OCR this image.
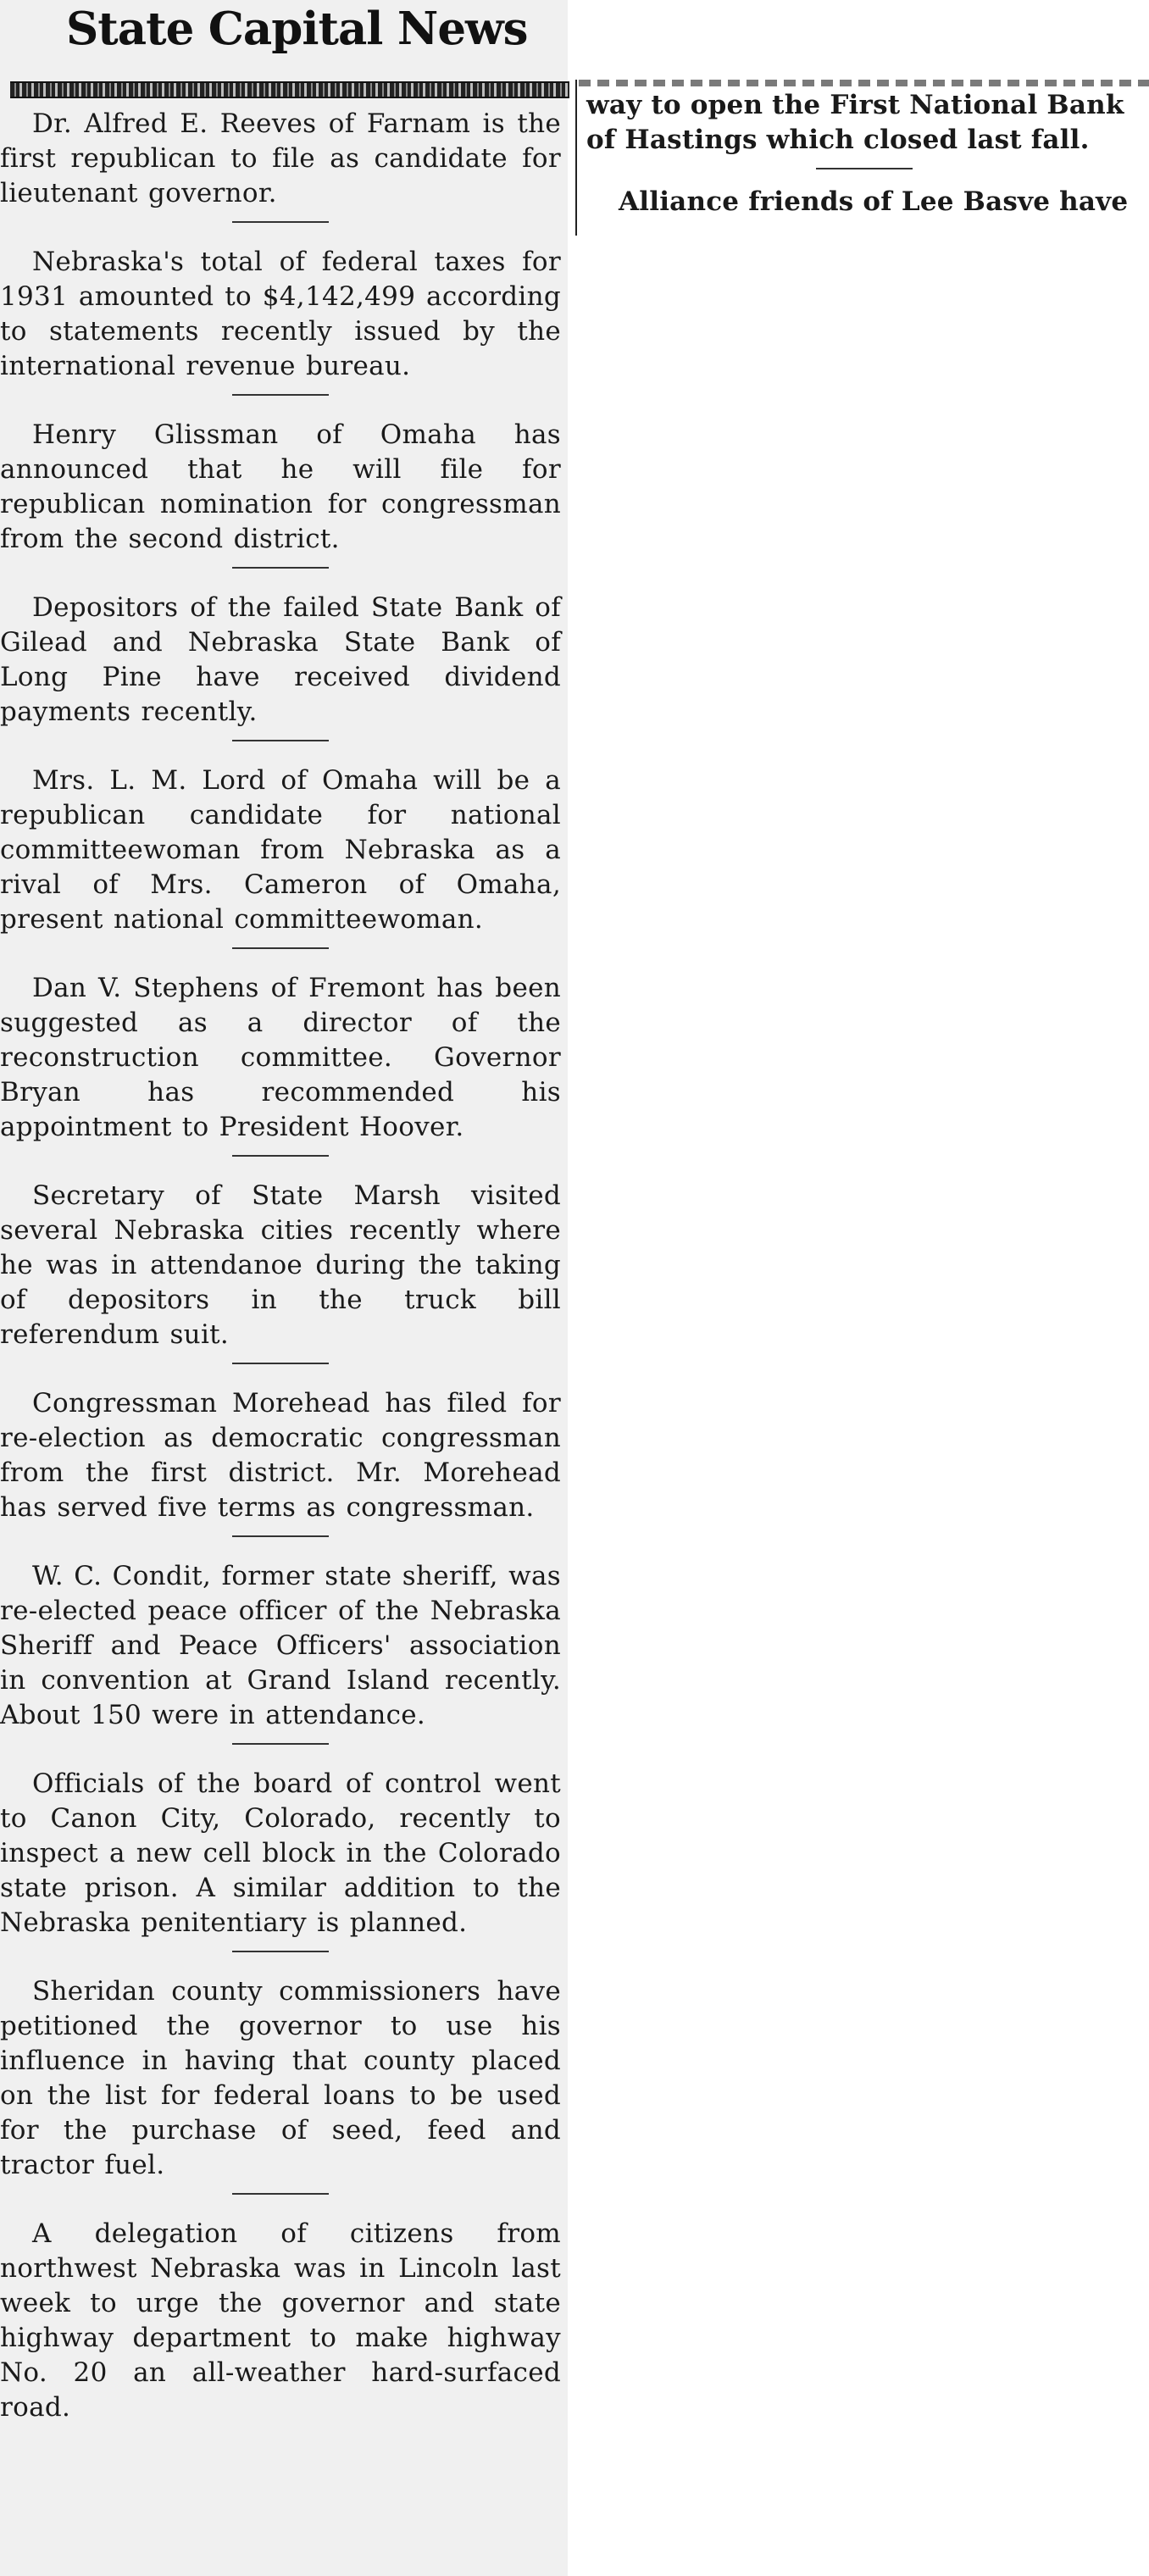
State Capital News

Dr. Alfred E. Reeves of Farnam is the first republican to file as candidate for lieutenant governor.

Nebraska's total of federal taxes for 1931 amounted to $4,142,499 according to statements recently issued by the international revenue bureau.

Henry Glissman of Omaha has announced that he will file for republican nomination for congressman from the second district.

Depositors of the failed State Bank of Gilead and Nebraska State Bank of Long Pine have received dividend payments recently.

Mrs. L. M. Lord of Omaha will be a republican candidate for national committeewoman from Nebraska as a rival of Mrs. Cameron of Omaha, present national committeewoman.

Dan V. Stephens of Fremont has been suggested as a director of the reconstruction committee. Governor Bryan has recommended his appointment to President Hoover.

Secretary of State Marsh visited several Nebraska cities recently where he was in attendanoe during the taking of depositors in the truck bill referendum suit.

Congressman Morehead has filed for re-election as democratic congressman from the first district. Mr. Morehead has served five terms as congressman.

W. C. Condit, former state sheriff, was re-elected peace officer of the Nebraska Sheriff and Peace Officers' association in convention at Grand Island recently. About 150 were in attendance.

Officials of the board of control went to Canon City, Colorado, recently to inspect a new cell block in the Colorado state prison. A similar addition to the Nebraska penitentiary is planned.

Sheridan county commissioners have petitioned the governor to use his influence in having that county placed on the list for federal loans to be used for the purchase of seed, feed and tractor fuel.

A delegation of citizens from northwest Nebraska was in Lincoln last week to urge the governor and state highway department to make highway No. 20 an all-weather hard-surfaced road.

way to open the First National Bank of Hastings which closed last fall.

Alliance friends of Lee Basve have
